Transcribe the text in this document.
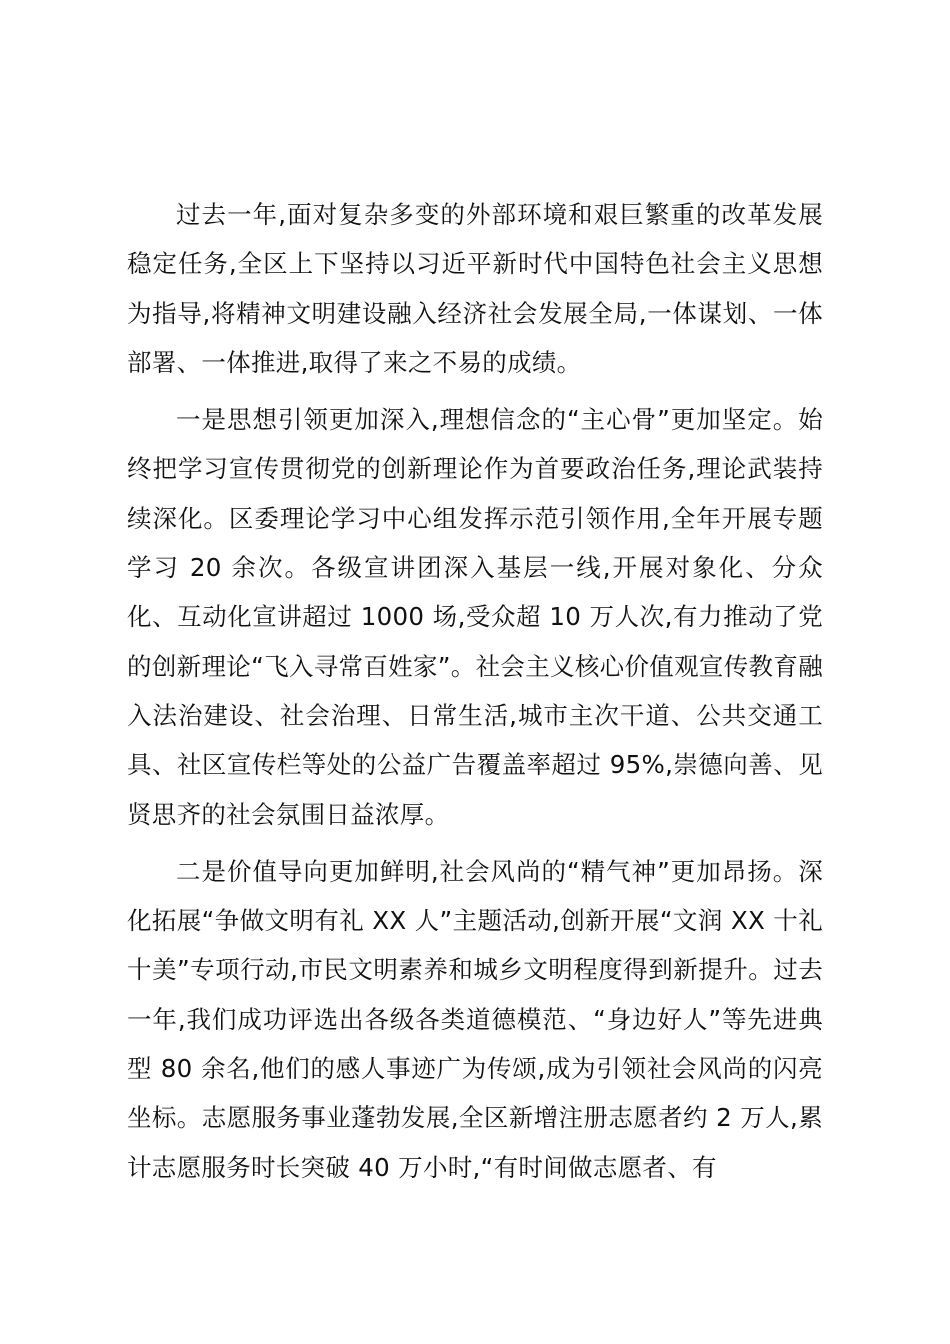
过去一年,面对复杂多变的外部环境和艰巨繁重的改革发展稳定任务,全区上下坚持以习近平新时代中国特色社会主义思想为指导,将精神文明建设融入经济社会发展全局,一体谋划、一体部署、一体推进,取得了来之不易的成绩。

一是思想引领更加深入,理想信念的“主心骨”更加坚定。始终把学习宣传贯彻党的创新理论作为首要政治任务,理论武装持续深化。区委理论学习中心组发挥示范引领作用,全年开展专题学习 20 余次。各级宣讲团深入基层一线,开展对象化、分众化、互动化宣讲超过 1000 场,受众超 10 万人次,有力推动了党的创新理论“飞入寻常百姓家”。社会主义核心价值观宣传教育融入法治建设、社会治理、日常生活,城市主次干道、公共交通工具、社区宣传栏等处的公益广告覆盖率超过 95%,崇德向善、见贤思齐的社会氛围日益浓厚。

二是价值导向更加鲜明,社会风尚的“精气神”更加昂扬。深化拓展“争做文明有礼 XX 人”主题活动,创新开展“文润 XX 十礼十美”专项行动,市民文明素养和城乡文明程度得到新提升。过去一年,我们成功评选出各级各类道德模范、“身边好人”等先进典型 80 余名,他们的感人事迹广为传颂,成为引领社会风尚的闪亮坐标。志愿服务事业蓬勃发展,全区新增注册志愿者约 2 万人,累计志愿服务时长突破 40 万小时,“有时间做志愿者、有
